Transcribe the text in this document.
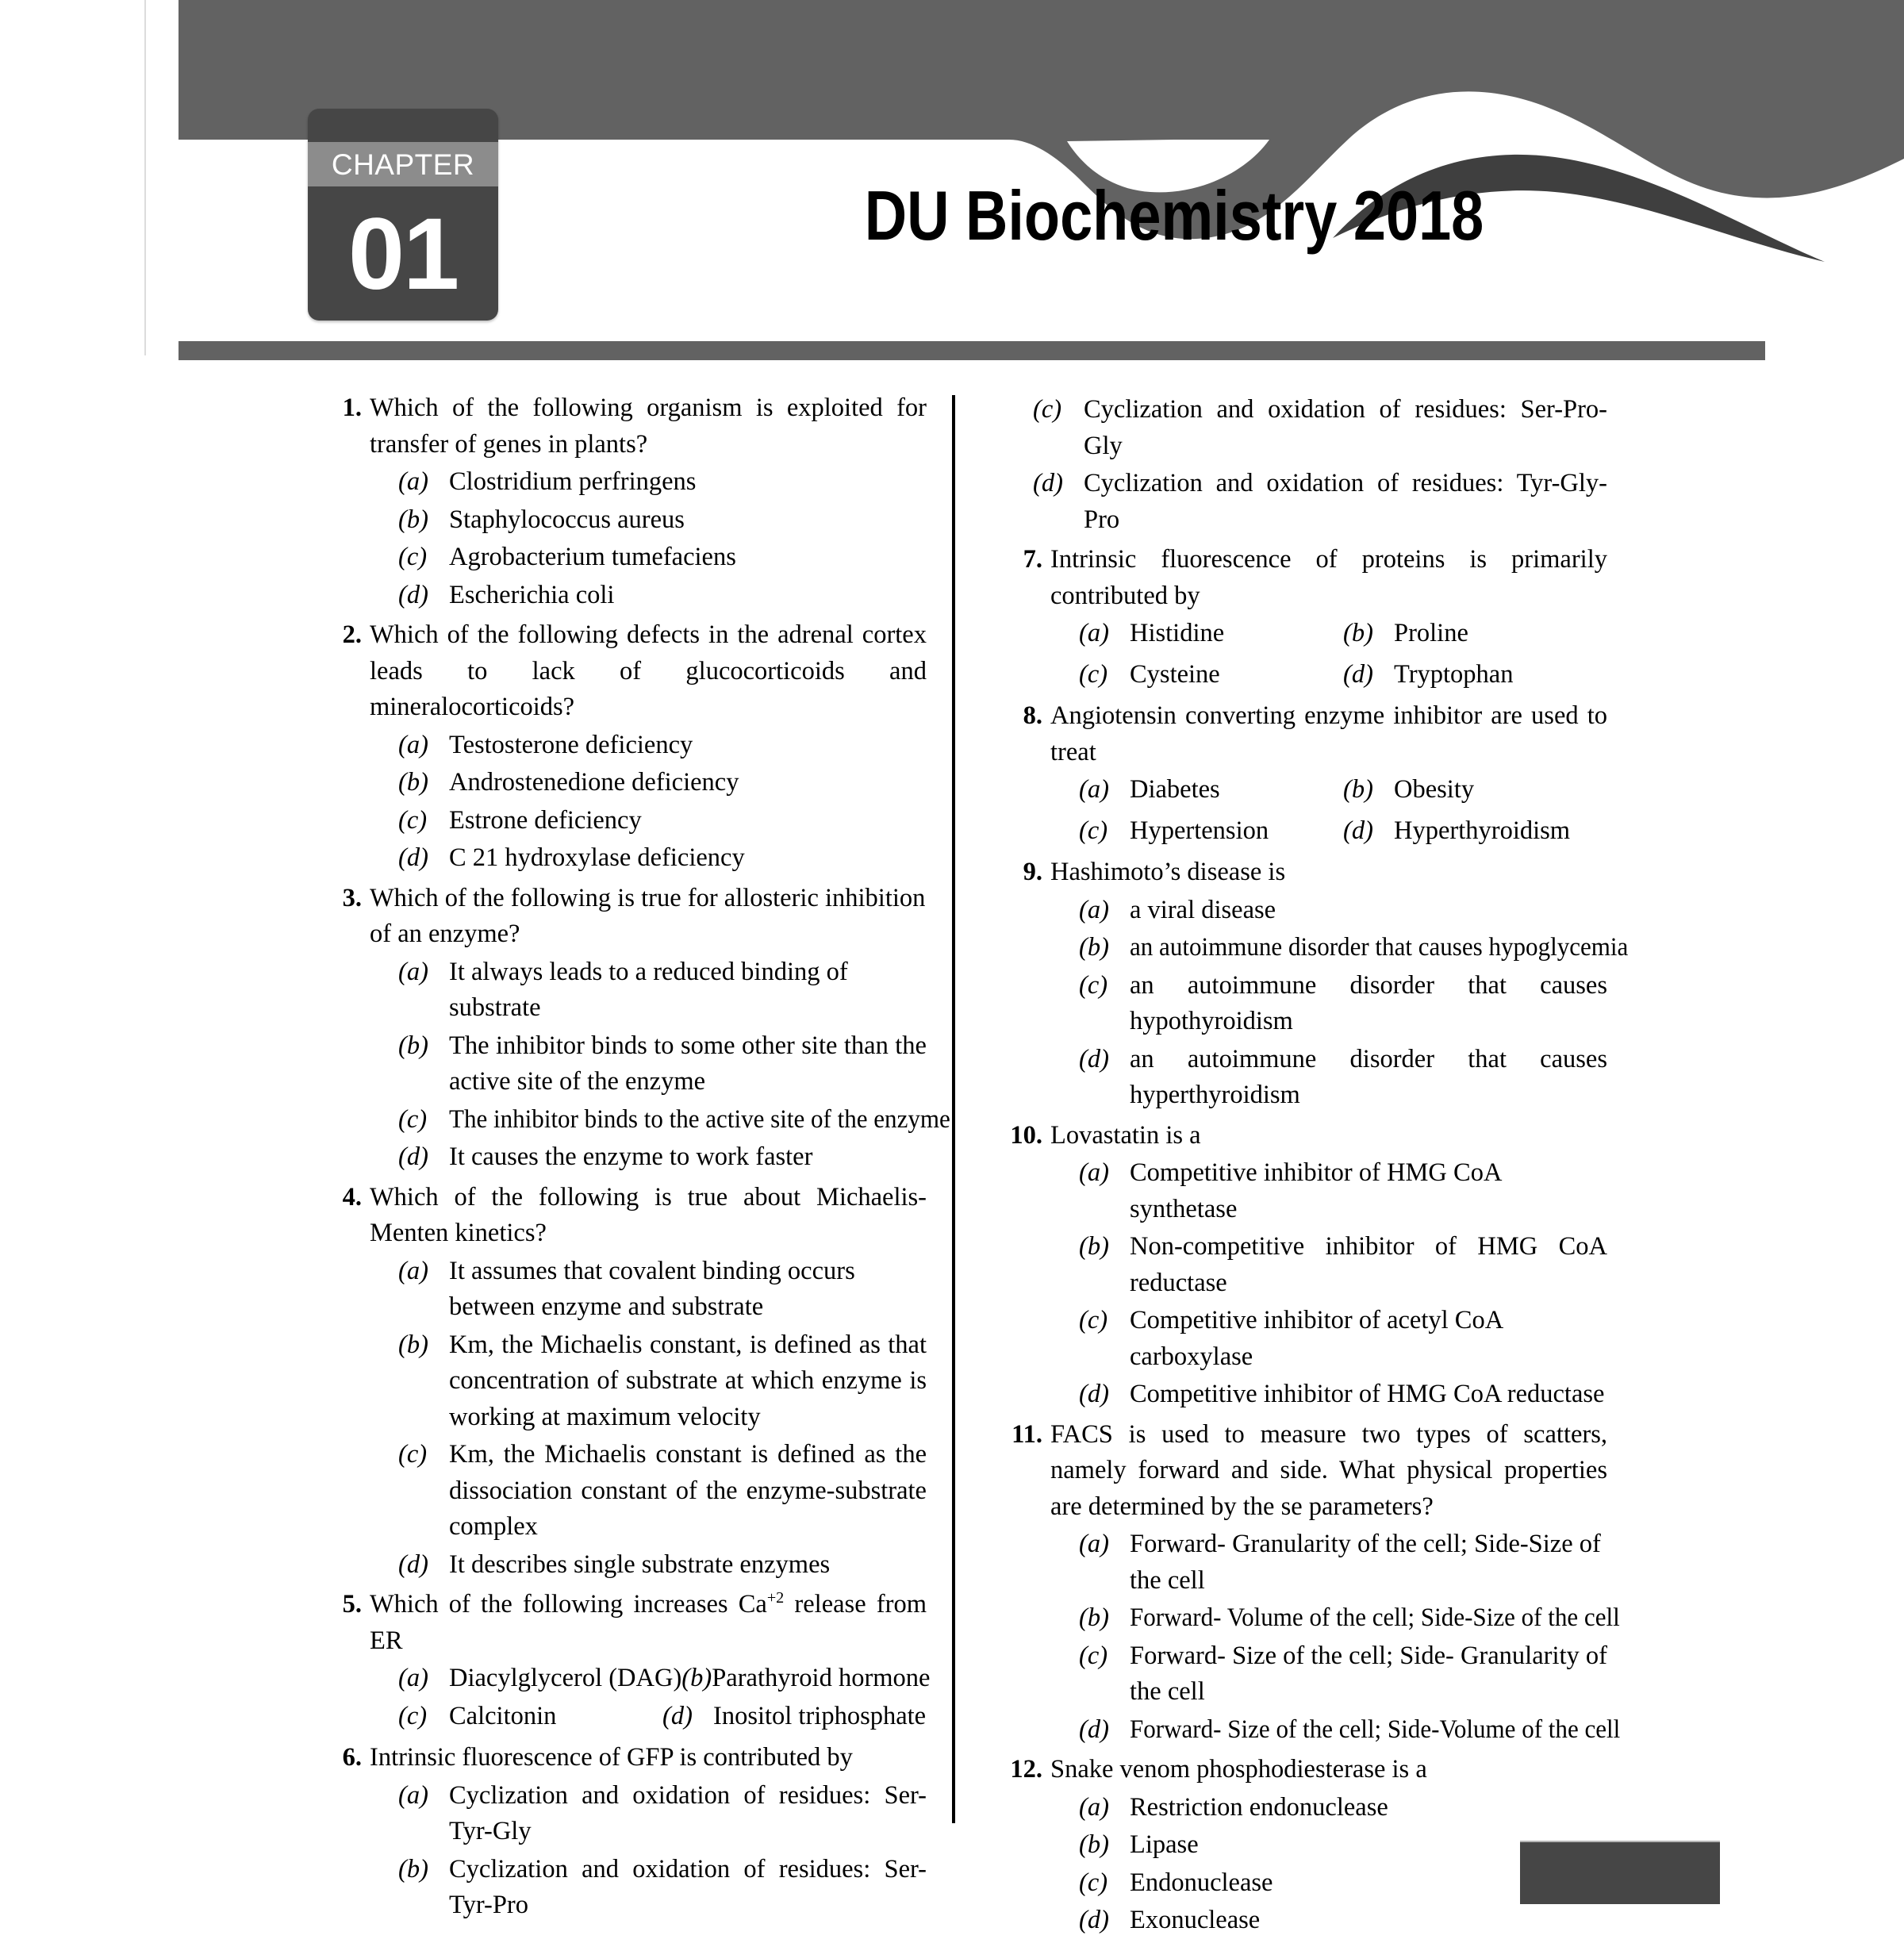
CHAPTER
01	DU Biochemistry 2018
1. Which of the following organism is exploited for transfer of genes in plants?
(a) Clostridium perfringens
(b) Staphylococcus aureus
(c) Agrobacterium tumefaciens
(d) Escherichia coli
2. Which of the following defects in the adrenal cortex leads to lack of glucocorticoids and mineralocorticoids?
(a) Testosterone deficiency
(b) Androstenedione deficiency
(c) Estrone deficiency
(d) C 21 hydroxylase deficiency
3. Which of the following is true for allosteric inhibition of an enzyme?
(a) It always leads to a reduced binding of substrate
(b) The inhibitor binds to some other site than the active site of the enzyme
(c) The inhibitor binds to the active site of the enzyme
(d) It causes the enzyme to work faster
4. Which of the following is true about Michaelis-Menten kinetics?
(a) It assumes that covalent binding occurs between enzyme and substrate
(b) Km, the Michaelis constant, is defined as that concentration of substrate at which enzyme is working at maximum velocity
(c) Km, the Michaelis constant is defined as the dissociation constant of the enzyme-substrate complex
(d) It describes single substrate enzymes
5. Which of the following increases $Ca^{+2}$ release from ER
(a) Diacylglycerol (DAG)(b)Parathyroid hormone
(c) Calcitonin	(d) Inositol triphosphate
6. Intrinsic fluorescence of GFP is contributed by
(a) Cyclization and oxidation of residues: Ser-Tyr-Gly
(b) Cyclization and oxidation of residues: Ser-Tyr-Pro
(c) Cyclization and oxidation of residues: Ser-Pro-Gly
(d) Cyclization and oxidation of residues: Tyr-Gly-Pro
7. Intrinsic fluorescence of proteins is primarily contributed by
(a) Histidine	(b) Proline
(c) Cysteine	(d) Tryptophan
8. Angiotensin converting enzyme inhibitor are used to treat
(a) Diabetes	(b) Obesity
(c) Hypertension	(d) Hyperthyroidism
9. Hashimoto’s disease is
(a) a viral disease
(b) an autoimmune disorder that causes hypoglycemia
(c) an autoimmune disorder that causes hypothyroidism
(d) an autoimmune disorder that causes hyperthyroidism
10. Lovastatin is a
(a) Competitive inhibitor of HMG CoA synthetase
(b) Non-competitive inhibitor of HMG CoA reductase
(c) Competitive inhibitor of acetyl CoA carboxylase
(d) Competitive inhibitor of HMG CoA reductase
11. FACS is used to measure two types of scatters, namely forward and side. What physical properties are determined by the se parameters?
(a) Forward- Granularity of the cell; Side-Size of the cell
(b) Forward- Volume of the cell; Side-Size of the cell
(c) Forward- Size of the cell; Side- Granularity of the cell
(d) Forward- Size of the cell; Side-Volume of the cell
12. Snake venom phosphodiesterase is a
(a) Restriction endonuclease
(b) Lipase
(c) Endonuclease
(d) Exonuclease
